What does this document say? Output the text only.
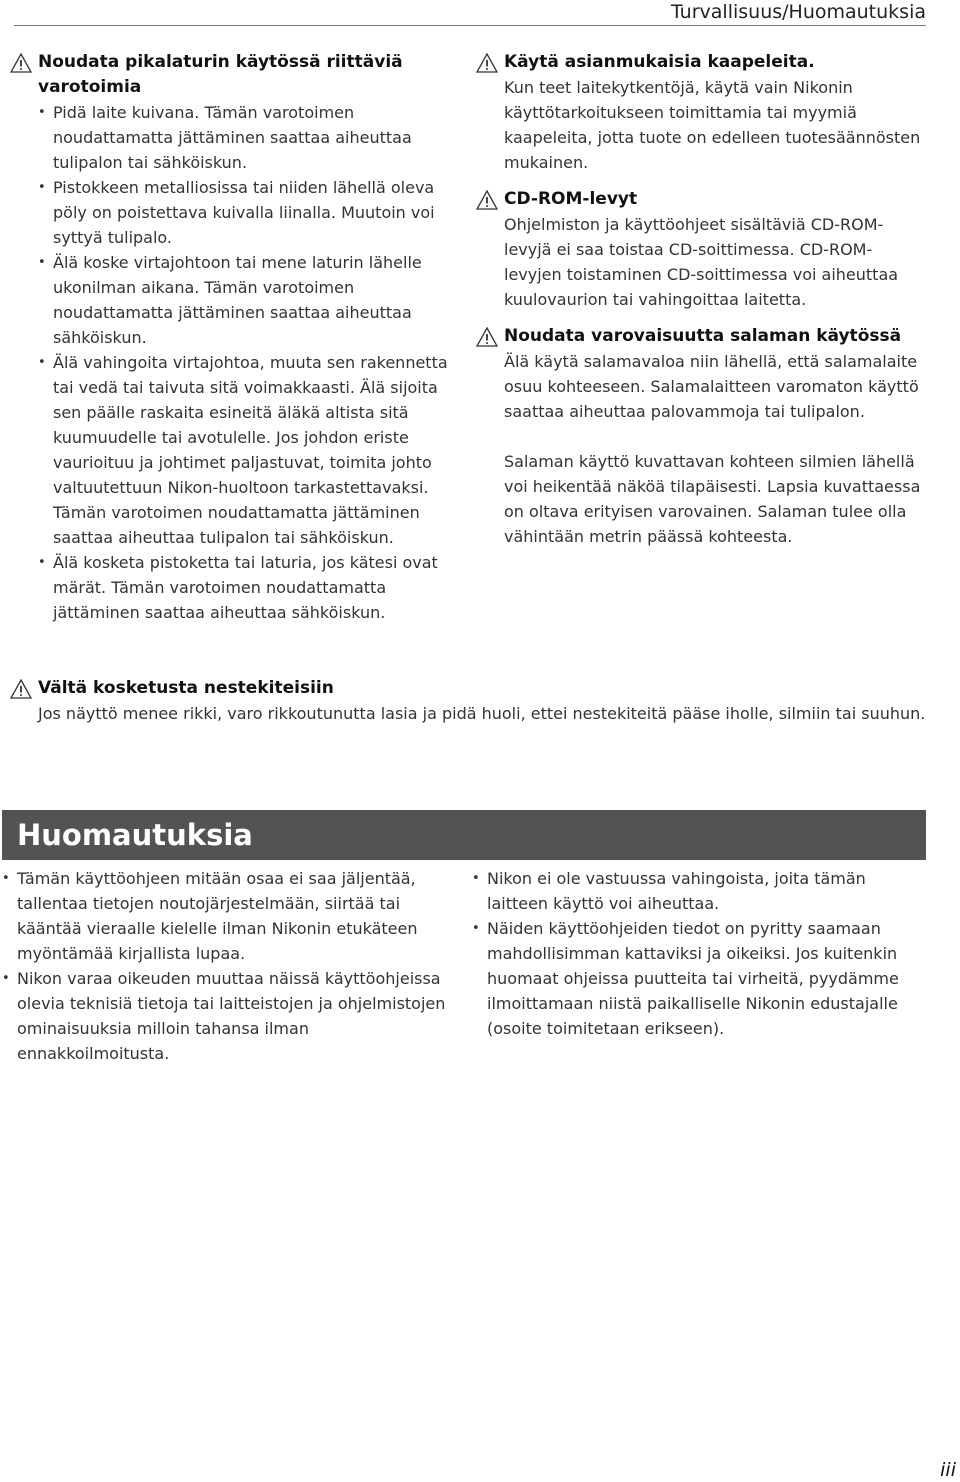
Turvallisuus/Huomautuksia

Noudata pikalaturin käytössä riittäviä varotoimia

• Pidä laite kuivana. Tämän varotoimen noudattamatta jättäminen saattaa aiheuttaa tulipalon tai sähköiskun.
• Pistokkeen metalliosissa tai niiden lähellä oleva pöly on poistettava kuivalla liinalla. Muutoin voi syttyä tulipalo.
• Älä koske virtajohtoon tai mene laturin lähelle ukonilman aikana. Tämän varotoimen noudattamatta jättäminen saattaa aiheuttaa sähköiskun.
• Älä vahingoita virtajohtoa, muuta sen rakennetta tai vedä tai taivuta sitä voimakkaasti. Älä sijoita sen päälle raskaita esineitä äläkä altista sitä kuumuudelle tai avotulelle. Jos johdon eriste vaurioituu ja johtimet paljastuvat, toimita johto valtuutettuun Nikon-huoltoon tarkastettavaksi. Tämän varotoimen noudattamatta jättäminen saattaa aiheuttaa tulipalon tai sähköiskun.
• Älä kosketa pistoketta tai laturia, jos kätesi ovat märät. Tämän varotoimen noudattamatta jättäminen saattaa aiheuttaa sähköiskun.

Käytä asianmukaisia kaapeleita.

Kun teet laitekytkentöjä, käytä vain Nikonin käyttötarkoitukseen toimittamia tai myymiä kaapeleita, jotta tuote on edelleen tuotesäännösten mukainen.

CD-ROM-levyt

Ohjelmiston ja käyttöohjeet sisältäviä CD-ROM-levyjä ei saa toistaa CD-soittimessa. CD-ROM-levyjen toistaminen CD-soittimessa voi aiheuttaa kuulovaurion tai vahingoittaa laitetta.

Noudata varovaisuutta salaman käytössä

Älä käytä salamavaloa niin lähellä, että salamalaite osuu kohteeseen. Salamalaitteen varomaton käyttö saattaa aiheuttaa palovammoja tai tulipalon.

Salaman käyttö kuvattavan kohteen silmien lähellä voi heikentää näköä tilapäisesti. Lapsia kuvattaessa on oltava erityisen varovainen. Salaman tulee olla vähintään metrin päässä kohteesta.

Vältä kosketusta nestekiteisiin

Jos näyttö menee rikki, varo rikkoutunutta lasia ja pidä huoli, ettei nestekiteitä pääse iholle, silmiin tai suuhun.

Huomautuksia
• Tämän käyttöohjeen mitään osaa ei saa jäljentää, tallentaa tietojen noutojärjestelmään, siirtää tai kääntää vieraalle kielelle ilman Nikonin etukäteen myöntämää kirjallista lupaa.
• Nikon varaa oikeuden muuttaa näissä käyttöohjeissa olevia teknisiä tietoja tai laitteistojen ja ohjelmistojen ominaisuuksia milloin tahansa ilman ennakkoilmoitusta.
• Nikon ei ole vastuussa vahingoista, joita tämän laitteen käyttö voi aiheuttaa.
• Näiden käyttöohjeiden tiedot on pyritty saamaan mahdollisimman kattaviksi ja oikeiksi. Jos kuitenkin huomaat ohjeissa puutteita tai virheitä, pyydämme ilmoittamaan niistä paikalliselle Nikonin edustajalle (osoite toimitetaan erikseen).
iii
